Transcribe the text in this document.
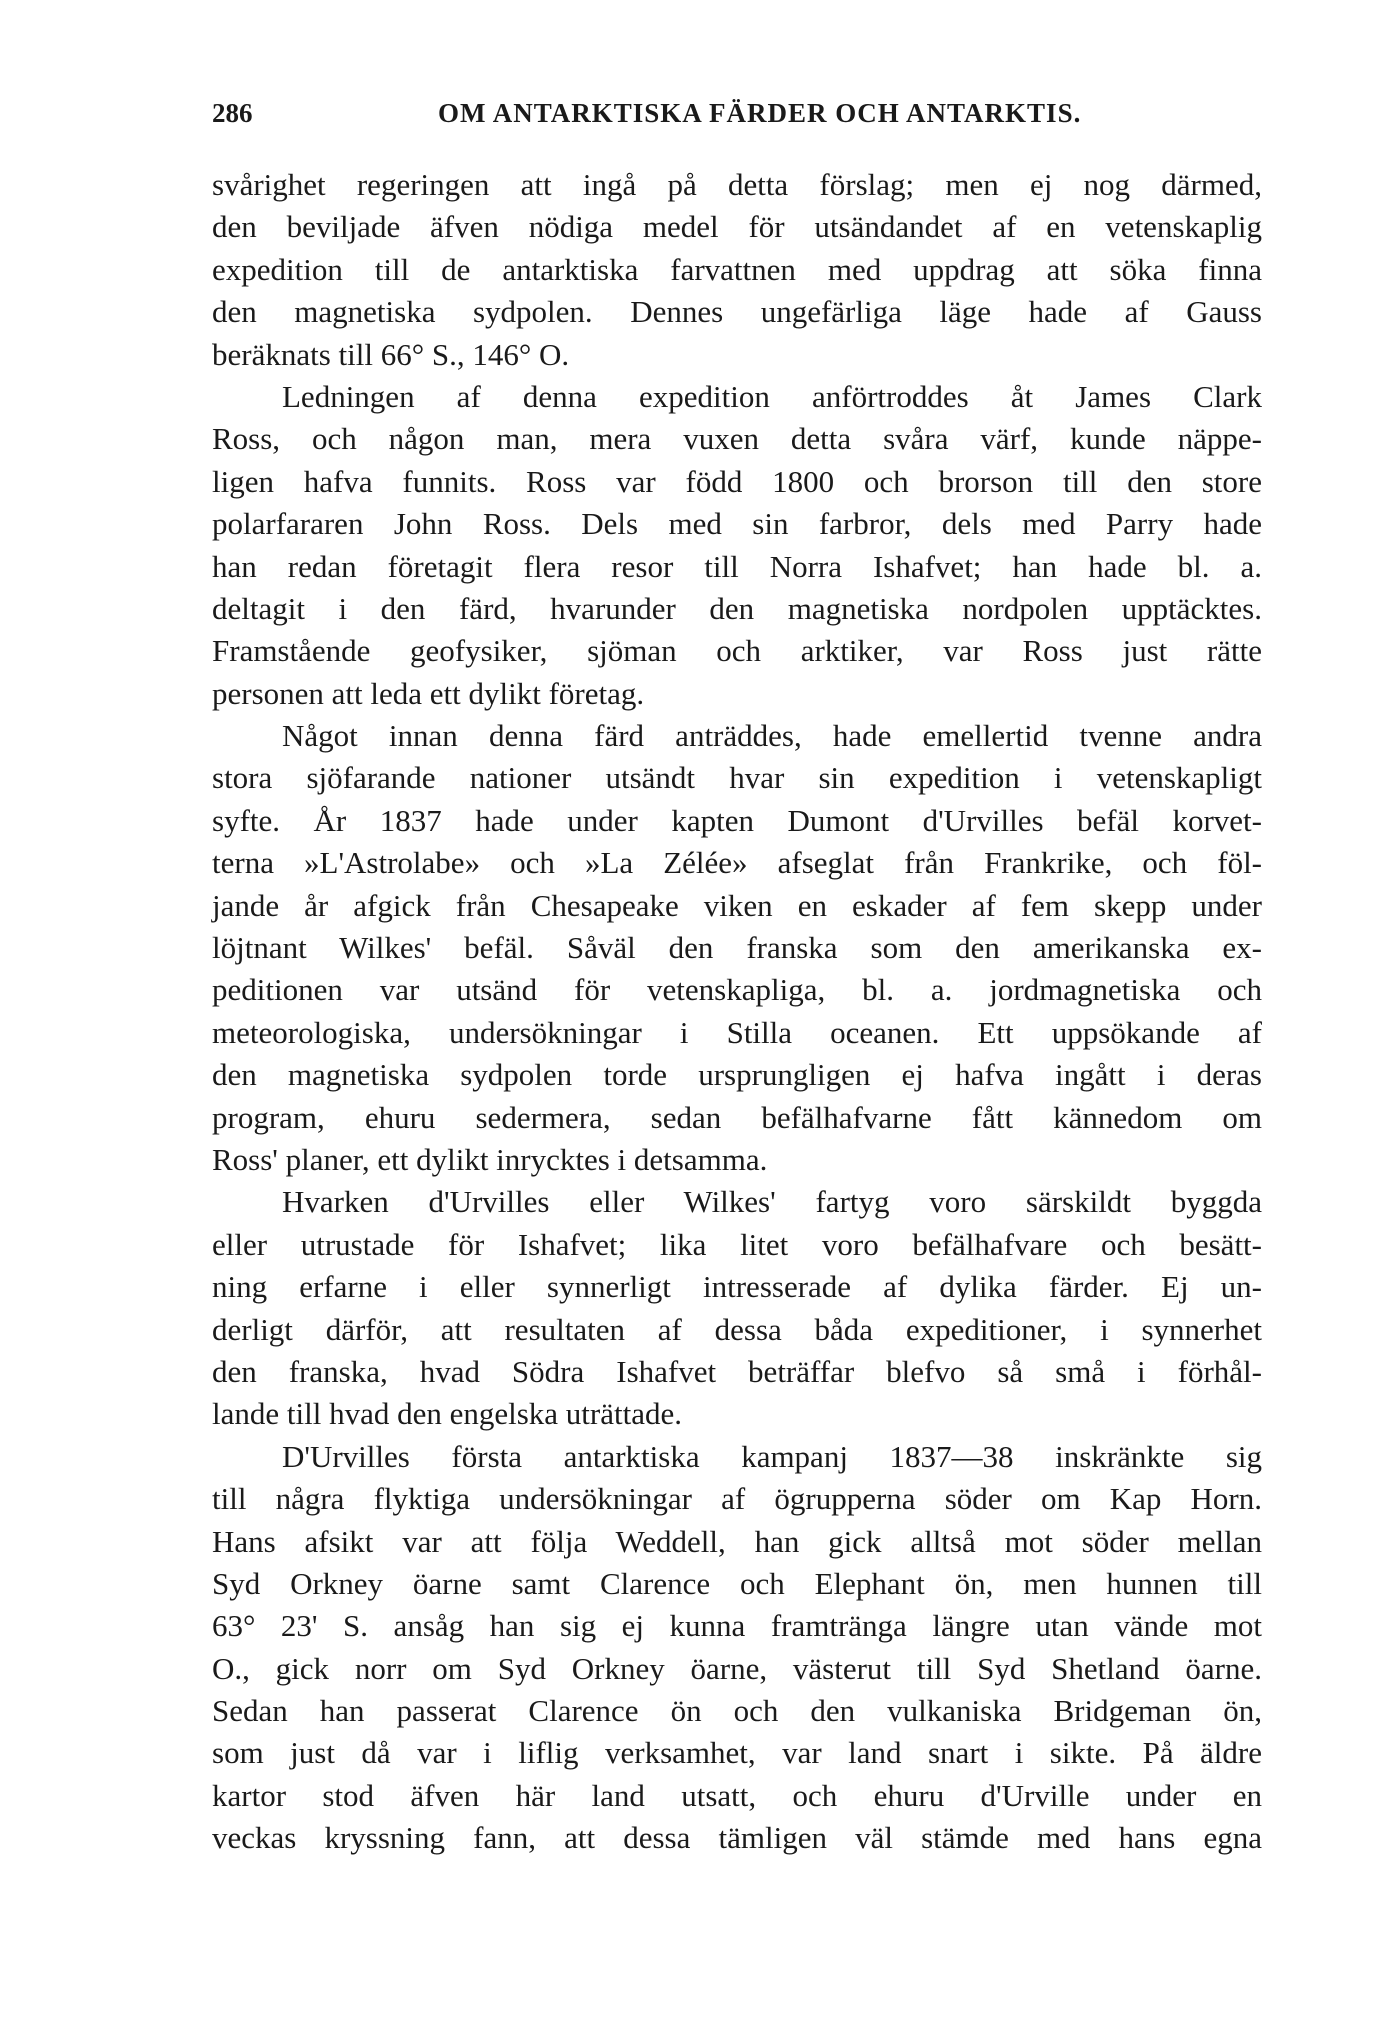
286	OM ANTARKTISKA FÄRDER OCH ANTARKTIS.
svårighet regeringen att ingå på detta förslag; men ej nog därmed,
den beviljade äfven nödiga medel för utsändandet af en vetenskaplig
expedition till de antarktiska farvattnen med uppdrag att söka finna
den magnetiska sydpolen. Dennes ungefärliga läge hade af Gauss
beräknats till 66° S., 146° O.
Ledningen af denna expedition anförtroddes åt James Clark
Ross, och någon man, mera vuxen detta svåra värf, kunde näppe-
ligen hafva funnits. Ross var född 1800 och brorson till den store
polarfararen John Ross. Dels med sin farbror, dels med Parry hade
han redan företagit flera resor till Norra Ishafvet; han hade bl. a.
deltagit i den färd, hvarunder den magnetiska nordpolen upptäcktes.
Framstående geofysiker, sjöman och arktiker, var Ross just rätte
personen att leda ett dylikt företag.
Något innan denna färd anträddes, hade emellertid tvenne andra
stora sjöfarande nationer utsändt hvar sin expedition i vetenskapligt
syfte. År 1837 hade under kapten Dumont d'Urvilles befäl korvet-
terna »L'Astrolabe» och »La Zélée» afseglat från Frankrike, och föl-
jande år afgick från Chesapeake viken en eskader af fem skepp under
löjtnant Wilkes' befäl. Såväl den franska som den amerikanska ex-
peditionen var utsänd för vetenskapliga, bl. a. jordmagnetiska och
meteorologiska, undersökningar i Stilla oceanen. Ett uppsökande af
den magnetiska sydpolen torde ursprungligen ej hafva ingått i deras
program, ehuru sedermera, sedan befälhafvarne fått kännedom om
Ross' planer, ett dylikt inrycktes i detsamma.
Hvarken d'Urvilles eller Wilkes' fartyg voro särskildt byggda
eller utrustade för Ishafvet; lika litet voro befälhafvare och besätt-
ning erfarne i eller synnerligt intresserade af dylika färder. Ej un-
derligt därför, att resultaten af dessa båda expeditioner, i synnerhet
den franska, hvad Södra Ishafvet beträffar blefvo så små i förhål-
lande till hvad den engelska uträttade.
D'Urvilles första antarktiska kampanj 1837—38 inskränkte sig
till några flyktiga undersökningar af ögrupperna söder om Kap Horn.
Hans afsikt var att följa Weddell, han gick alltså mot söder mellan
Syd Orkney öarne samt Clarence och Elephant ön, men hunnen till
63° 23' S. ansåg han sig ej kunna framtränga längre utan vände mot
O., gick norr om Syd Orkney öarne, västerut till Syd Shetland öarne.
Sedan han passerat Clarence ön och den vulkaniska Bridgeman ön,
som just då var i liflig verksamhet, var land snart i sikte. På äldre
kartor stod äfven här land utsatt, och ehuru d'Urville under en
veckas kryssning fann, att dessa tämligen väl stämde med hans egna
